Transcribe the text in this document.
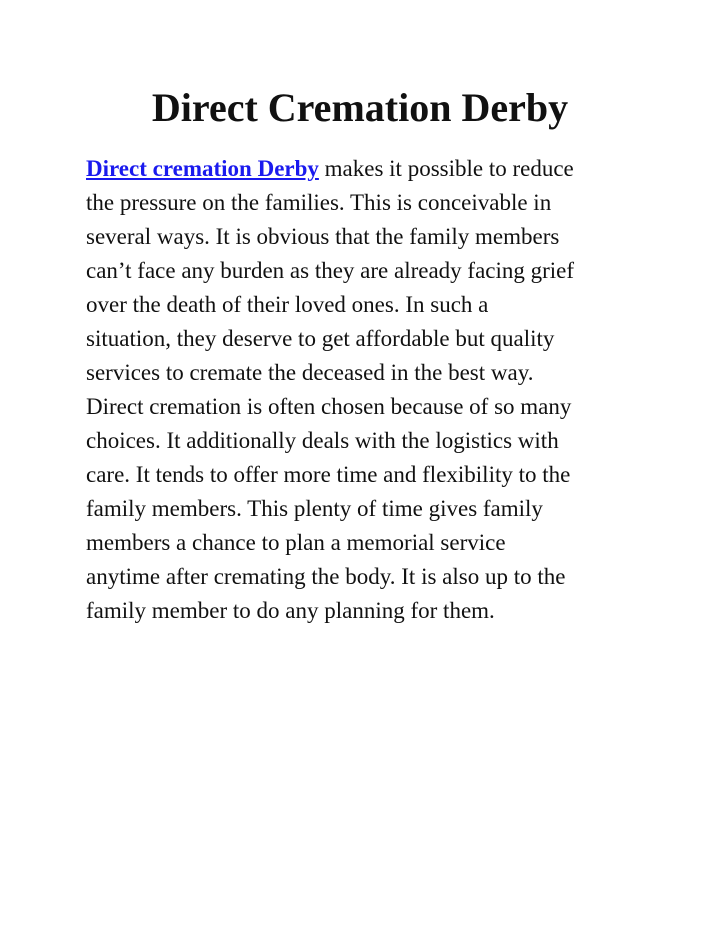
Direct Cremation Derby
Direct cremation Derby makes it possible to reduce
the pressure on the families. This is conceivable in
several ways. It is obvious that the family members
can’t face any burden as they are already facing grief
over the death of their loved ones. In such a
situation, they deserve to get affordable but quality
services to cremate the deceased in the best way.
Direct cremation is often chosen because of so many
choices. It additionally deals with the logistics with
care. It tends to offer more time and flexibility to the
family members. This plenty of time gives family
members a chance to plan a memorial service
anytime after cremating the body. It is also up to the
family member to do any planning for them.
